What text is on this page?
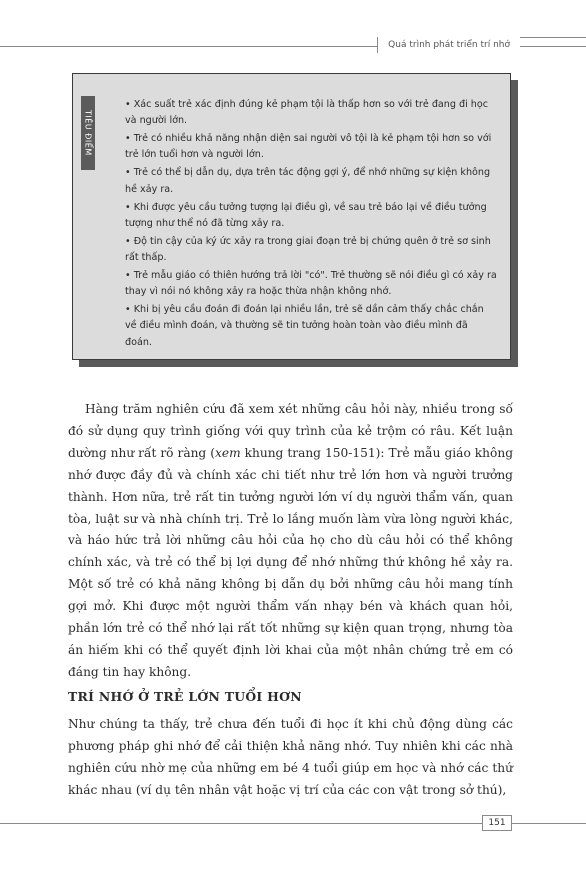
Quá trình phát triển trí nhớ
TIÊU ĐIỂM
• Xác suất trẻ xác định đúng kẻ phạm tội là thấp hơn so với trẻ đang đi học và người lớn.
• Trẻ có nhiều khả năng nhận diện sai người vô tội là kẻ phạm tội hơn so với trẻ lớn tuổi hơn và người lớn.
• Trẻ có thể bị dẫn dụ, dựa trên tác động gợi ý, để nhớ những sự kiện không hề xảy ra.
• Khi được yêu cầu tưởng tượng lại điều gì, về sau trẻ báo lại về điều tưởng tượng như thể nó đã từng xảy ra.
• Độ tin cậy của ký ức xảy ra trong giai đoạn trẻ bị chứng quên ở trẻ sơ sinh rất thấp.
• Trẻ mẫu giáo có thiên hướng trả lời "có". Trẻ thường sẽ nói điều gì có xảy ra thay vì nói nó không xảy ra hoặc thừa nhận không nhớ.
• Khi bị yêu cầu đoán đi đoán lại nhiều lần, trẻ sẽ dần cảm thấy chắc chắn về điều mình đoán, và thường sẽ tin tưởng hoàn toàn vào điều mình đã đoán.

Hàng trăm nghiên cứu đã xem xét những câu hỏi này, nhiều trong số đó sử dụng quy trình giống với quy trình của kẻ trộm có râu. Kết luận dường như rất rõ ràng (xem khung trang 150-151): Trẻ mẫu giáo không nhớ được đầy đủ và chính xác chi tiết như trẻ lớn hơn và người trưởng thành. Hơn nữa, trẻ rất tin tưởng người lớn ví dụ người thẩm vấn, quan tòa, luật sư và nhà chính trị. Trẻ lo lắng muốn làm vừa lòng người khác, và háo hức trả lời những câu hỏi của họ cho dù câu hỏi có thể không chính xác, và trẻ có thể bị lợi dụng để nhớ những thứ không hề xảy ra. Một số trẻ có khả năng không bị dẫn dụ bởi những câu hỏi mang tính gợi mở. Khi được một người thẩm vấn nhạy bén và khách quan hỏi, phần lớn trẻ có thể nhớ lại rất tốt những sự kiện quan trọng, nhưng tòa án hiếm khi có thể quyết định lời khai của một nhân chứng trẻ em có đáng tin hay không.

TRÍ NHỚ Ở TRẺ LỚN TUỔI HƠN

Như chúng ta thấy, trẻ chưa đến tuổi đi học ít khi chủ động dùng các phương pháp ghi nhớ để cải thiện khả năng nhớ. Tuy nhiên khi các nhà nghiên cứu nhờ mẹ của những em bé 4 tuổi giúp em học và nhớ các thứ khác nhau (ví dụ tên nhân vật hoặc vị trí của các con vật trong sở thú),

151
